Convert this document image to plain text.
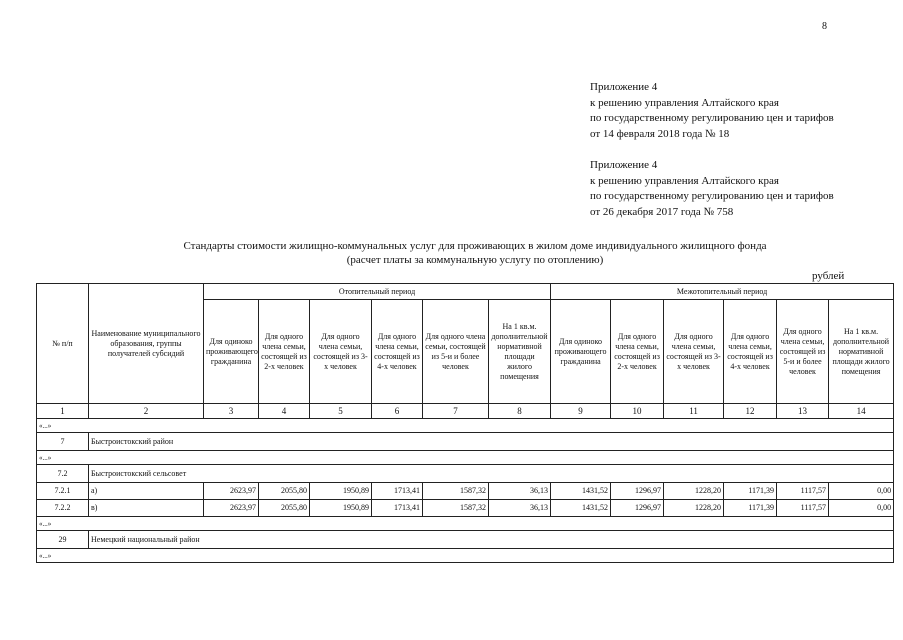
8
Приложение 4
к решению управления Алтайского края
по государственному регулированию цен и тарифов
от 14 февраля 2018 года № 18
Приложение 4
к решению управления Алтайского края
по государственному регулированию цен и тарифов
от 26 декабря 2017 года № 758
Стандарты стоимости жилищно-коммунальных услуг для проживающих в жилом доме индивидуального жилищного фонда
(расчет платы за коммунальную услугу по отоплению)
рублей
№ п/п	Наименование муниципального образования, группы получателей субсидий	Отопительный период						Межотопительный период					
		Для одиноко проживающего гражданина	Для одного члена семьи, состоящей из 2-х человек	Для одного члена семьи, состоящей из 3-х человек	Для одного члена семьи, состоящей из 4-х человек	Для одного члена семьи, состоящей из 5-и и более человек	На 1 кв.м. дополнительной нормативной площади жилого помещения	Для одиноко проживающего гражданина	Для одного члена семьи, состоящей из 2-х человек	Для одного члена семьи, состоящей из 3-х человек	Для одного члена семьи, состоящей из 4-х человек	Для одного члена семьи, состоящей из 5-и и более человек	На 1 кв.м. дополнительной нормативной площади жилого помещения
1	2	3	4	5	6	7	8	9	10	11	12	13	14
«...»													
7	Быстроистокский район												
«...»													
7.2	Быстроистокский сельсовет												
7.2.1	а)	2623,97	2055,80	1950,89	1713,41	1587,32	36,13	1431,52	1296,97	1228,20	1171,39	1117,57	0,00
7.2.2	в)	2623,97	2055,80	1950,89	1713,41	1587,32	36,13	1431,52	1296,97	1228,20	1171,39	1117,57	0,00
«...»													
29	Немецкий национальный район												
«...»													
